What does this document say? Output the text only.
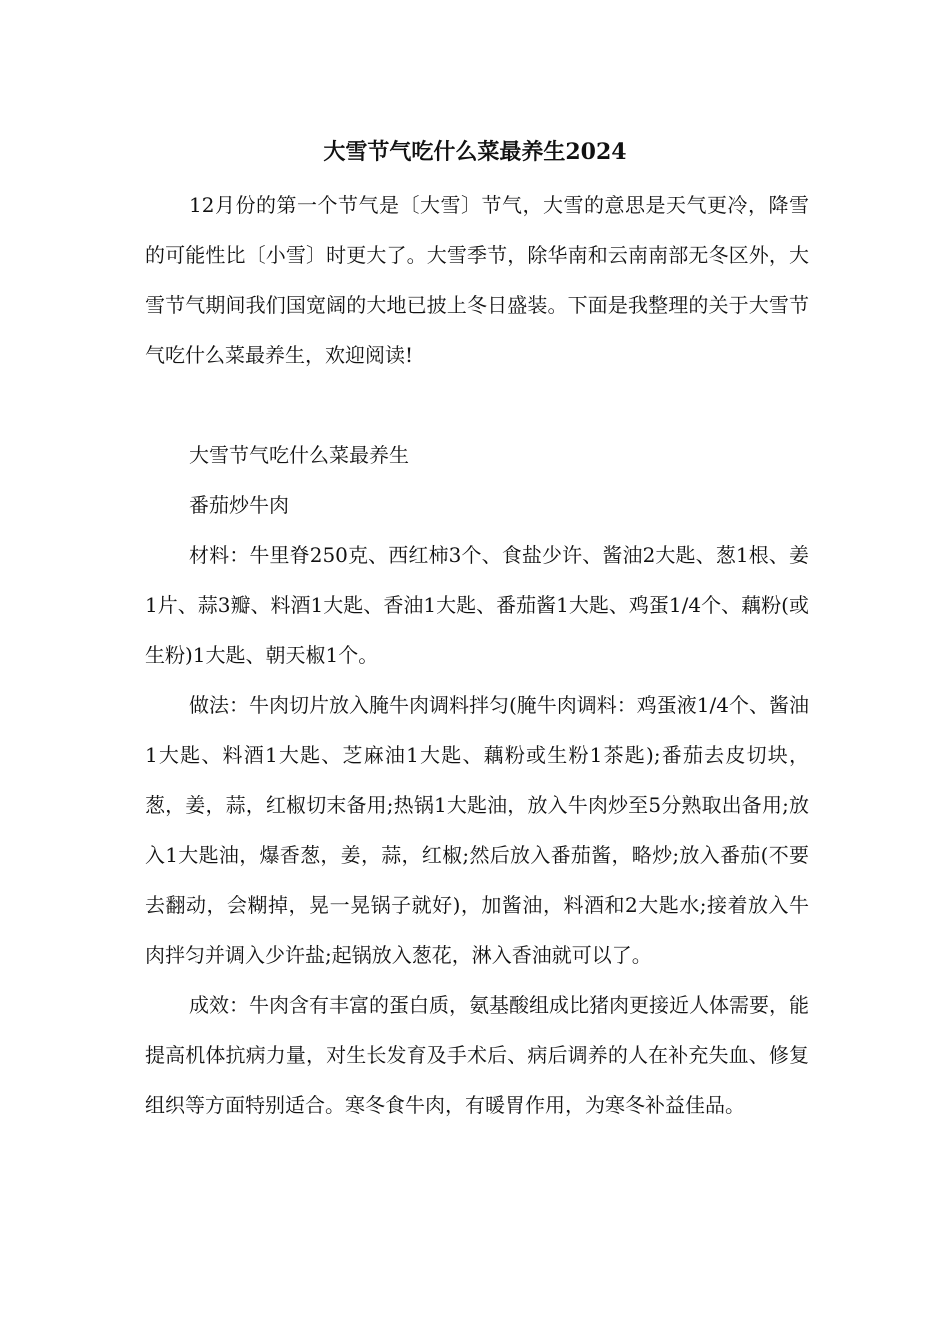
大雪节气吃什么菜最养生2024

12月份的第一个节气是〔大雪〕节气，大雪的意思是天气更冷，降雪的可能性比〔小雪〕时更大了。大雪季节，除华南和云南南部无冬区外，大雪节气期间我们国宽阔的大地已披上冬日盛装。下面是我整理的关于大雪节气吃什么菜最养生，欢迎阅读!

大雪节气吃什么菜最养生

番茄炒牛肉

材料：牛里脊250克、西红柿3个、食盐少许、酱油2大匙、葱1根、姜1片、蒜3瓣、料酒1大匙、香油1大匙、番茄酱1大匙、鸡蛋1/4个、藕粉(或生粉)1大匙、朝天椒1个。

做法：牛肉切片放入腌牛肉调料拌匀(腌牛肉调料：鸡蛋液1/4个、酱油1大匙、料酒1大匙、芝麻油1大匙、藕粉或生粉1茶匙);番茄去皮切块，葱，姜，蒜，红椒切末备用;热锅1大匙油，放入牛肉炒至5分熟取出备用;放入1大匙油，爆香葱，姜，蒜，红椒;然后放入番茄酱，略炒;放入番茄(不要去翻动，会糊掉，晃一晃锅子就好)，加酱油，料酒和2大匙水;接着放入牛肉拌匀并调入少许盐;起锅放入葱花，淋入香油就可以了。

成效：牛肉含有丰富的蛋白质，氨基酸组成比猪肉更接近人体需要，能提高机体抗病力量，对生长发育及手术后、病后调养的人在补充失血、修复组织等方面特别适合。寒冬食牛肉，有暖胃作用，为寒冬补益佳品。
